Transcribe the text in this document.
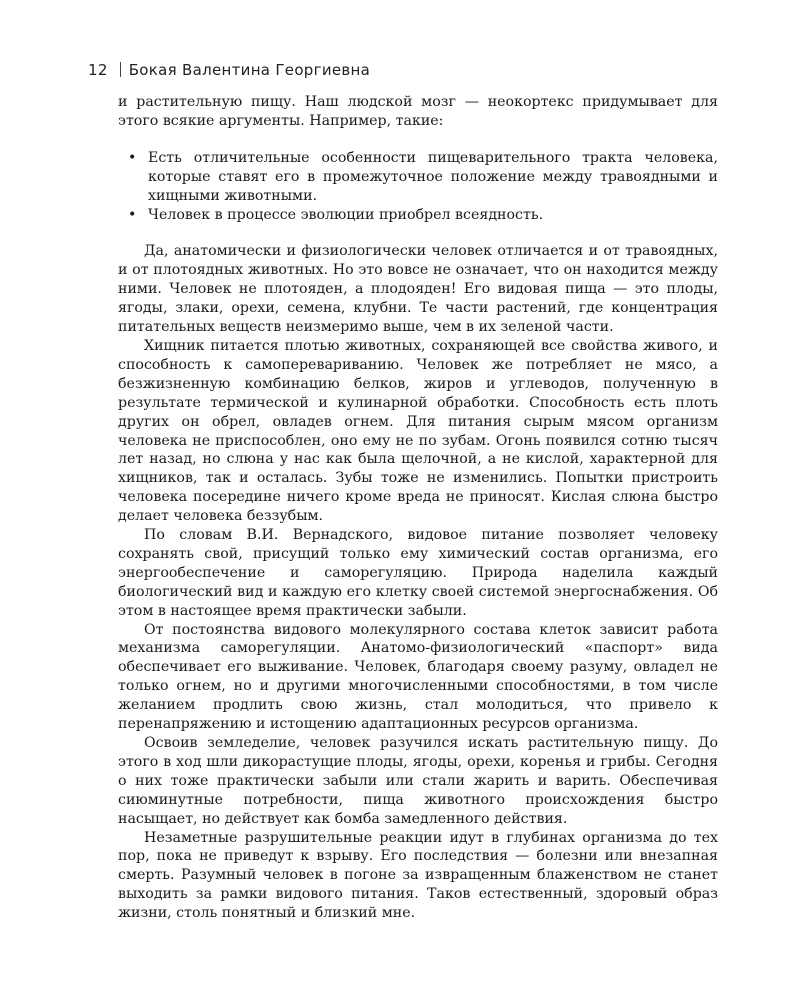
12 Бокая Валентина Георгиевна

и растительную пищу. Наш людской мозг — неокортекс придумывает для этого всякие аргументы. Например, такие:

• Есть отличительные особенности пищеварительного тракта человека, которые ставят его в промежуточное положение между травоядными и хищными животными.
• Человек в процессе эволюции приобрел всеядность.

Да, анатомически и физиологически человек отличается и от травоядных, и от плотоядных животных. Но это вовсе не означает, что он находится между ними. Человек не плотояден, а плодояден! Его видовая пища — это плоды, ягоды, злаки, орехи, семена, клубни. Те части растений, где концентрация питательных веществ неизмеримо выше, чем в их зеленой части.

Хищник питается плотью животных, сохраняющей все свойства живого, и способность к самоперевариванию. Человек же потребляет не мясо, а безжизненную комбинацию белков, жиров и углеводов, полученную в результате термической и кулинарной обработки. Способность есть плоть других он обрел, овладев огнем. Для питания сырым мясом организм человека не приспособлен, оно ему не по зубам. Огонь появился сотню тысяч лет назад, но слюна у нас как была щелочной, а не кислой, характерной для хищников, так и осталась. Зубы тоже не изменились. Попытки пристроить человека посередине ничего кроме вреда не приносят. Кислая слюна быстро делает человека беззубым.

По словам В.И. Вернадского, видовое питание позволяет человеку сохранять свой, присущий только ему химический состав организма, его энергообеспечение и саморегуляцию. Природа наделила каждый биологический вид и каждую его клетку своей системой энергоснабжения. Об этом в настоящее время практически забыли.

От постоянства видового молекулярного состава клеток зависит работа механизма саморегуляции. Анатомо-физиологический «паспорт» вида обеспечивает его выживание. Человек, благодаря своему разуму, овладел не только огнем, но и другими многочисленными способностями, в том числе желанием продлить свою жизнь, стал молодиться, что привело к перенапряжению и истощению адаптационных ресурсов организма.

Освоив земледелие, человек разучился искать растительную пищу. До этого в ход шли дикорастущие плоды, ягоды, орехи, коренья и грибы. Сегодня о них тоже практически забыли или стали жарить и варить. Обеспечивая сиюминутные потребности, пища животного происхождения быстро насыщает, но действует как бомба замедленного действия.

Незаметные разрушительные реакции идут в глубинах организма до тех пор, пока не приведут к взрыву. Его последствия — болезни или внезапная смерть. Разумный человек в погоне за извращенным блаженством не станет выходить за рамки видового питания. Таков естественный, здоровый образ жизни, столь понятный и близкий мне.
